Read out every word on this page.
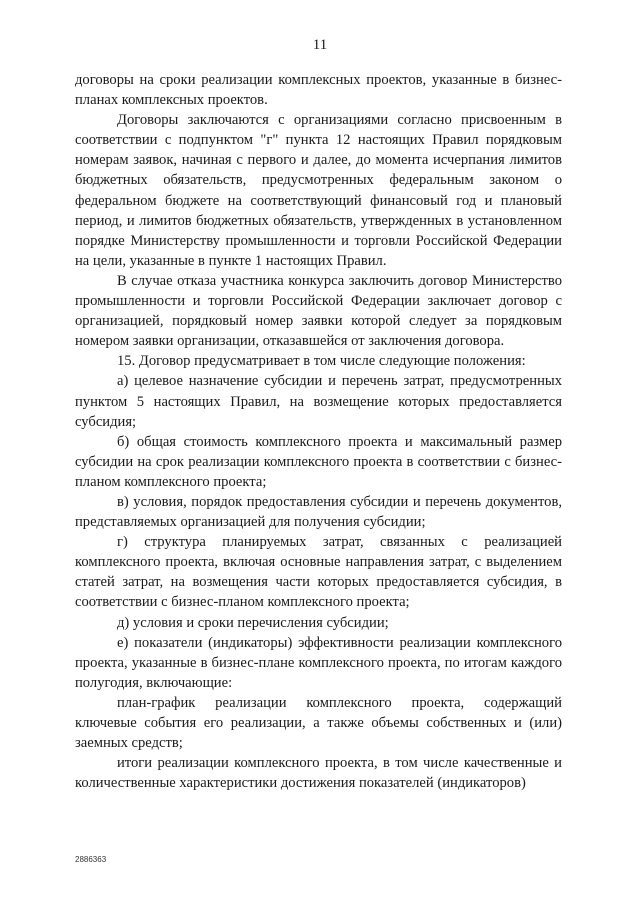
11

договоры на сроки реализации комплексных проектов, указанные в бизнес-планах комплексных проектов.

Договоры заключаются с организациями согласно присвоенным в соответствии с подпунктом "г" пункта 12 настоящих Правил порядковым номерам заявок, начиная с первого и далее, до момента исчерпания лимитов бюджетных обязательств, предусмотренных федеральным законом о федеральном бюджете на соответствующий финансовый год и плановый период, и лимитов бюджетных обязательств, утвержденных в установленном порядке Министерству промышленности и торговли Российской Федерации на цели, указанные в пункте 1 настоящих Правил.

В случае отказа участника конкурса заключить договор Министерство промышленности и торговли Российской Федерации заключает договор с организацией, порядковый номер заявки которой следует за порядковым номером заявки организации, отказавшейся от заключения договора.

15. Договор предусматривает в том числе следующие положения:

а) целевое назначение субсидии и перечень затрат, предусмотренных пунктом 5 настоящих Правил, на возмещение которых предоставляется субсидия;

б) общая стоимость комплексного проекта и максимальный размер субсидии на срок реализации комплексного проекта в соответствии с бизнес-планом комплексного проекта;

в) условия, порядок предоставления субсидии и перечень документов, представляемых организацией для получения субсидии;

г) структура планируемых затрат, связанных с реализацией комплексного проекта, включая основные направления затрат, с выделением статей затрат, на возмещения части которых предоставляется субсидия, в соответствии с бизнес-планом комплексного проекта;

д) условия и сроки перечисления субсидии;

е) показатели (индикаторы) эффективности реализации комплексного проекта, указанные в бизнес-плане комплексного проекта, по итогам каждого полугодия, включающие:

план-график реализации комплексного проекта, содержащий ключевые события его реализации, а также объемы собственных и (или) заемных средств;

итоги реализации комплексного проекта, в том числе качественные и количественные характеристики достижения показателей (индикаторов)

2886363
